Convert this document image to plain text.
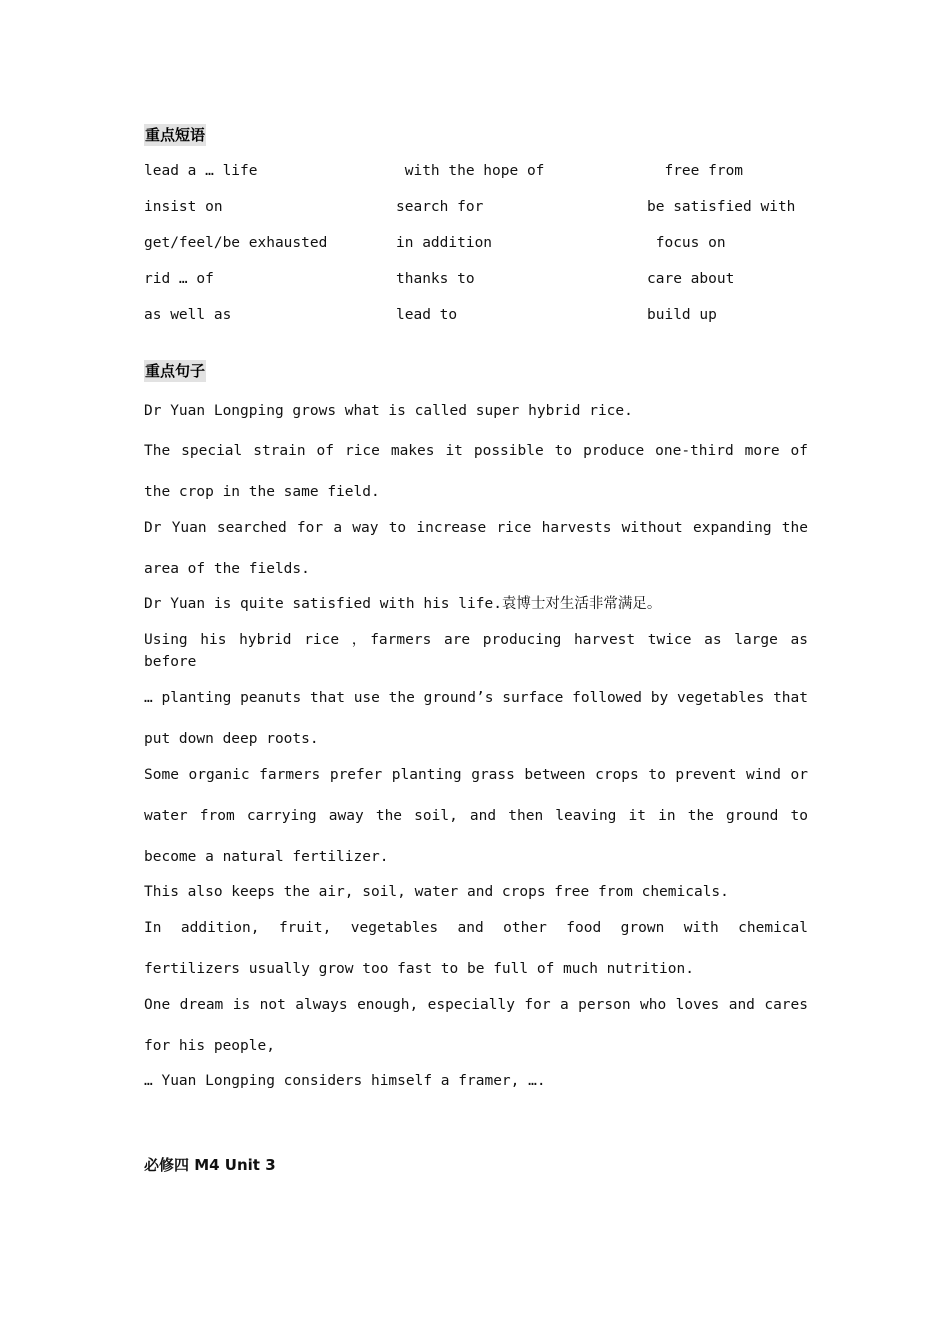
重点短语
lead a … life	with the hope of	free from
insist on	search for	be satisfied with
get/feel/be exhausted	in addition	focus on
rid … of	thanks to	care about
as well as	lead to	build up
重点句子

Dr Yuan Longping grows what is called super hybrid rice.

The special strain of rice makes it possible to produce one-third more of the crop in the same field.

Dr Yuan searched for a way to increase rice harvests without expanding the area of the fields.

Dr Yuan is quite satisfied with his life.袁博士对生活非常满足。

Using his hybrid rice ，farmers are producing harvest twice as large as before

… planting peanuts that use the ground’s surface followed by vegetables that put down deep roots.

Some organic farmers prefer planting grass between crops to prevent wind or water from carrying away the soil, and then leaving it in the ground to become a natural fertilizer.

This also keeps the air, soil, water and crops free from chemicals.

In addition, fruit, vegetables and other food grown with chemical fertilizers usually grow too fast to be full of much nutrition.

One dream is not always enough, especially for a person who loves and cares for his people,

… Yuan Longping considers himself a framer, ….

必修四 M4 Unit 3
